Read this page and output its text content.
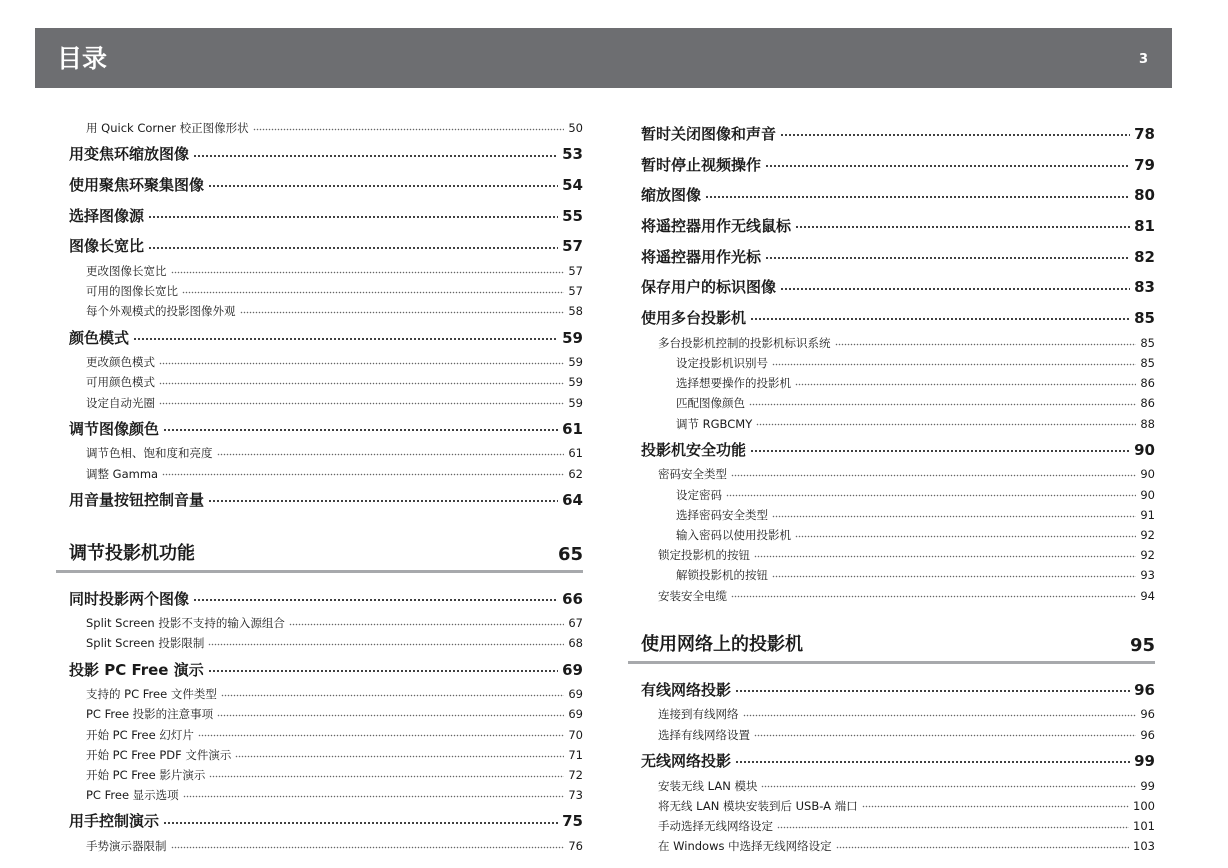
目录	3
用 Quick Corner 校正图像形状	50
用变焦环缩放图像	53
使用聚焦环聚集图像	54
选择图像源	55
图像长宽比	57
更改图像长宽比	57
可用的图像长宽比	57
每个外观模式的投影图像外观	58
颜色模式	59
更改颜色模式	59
可用颜色模式	59
设定自动光圈	59
调节图像颜色	61
调节色相、饱和度和亮度	61
调整 Gamma	62
用音量按钮控制音量	64
调节投影机功能	65
同时投影两个图像	66
Split Screen 投影不支持的输入源组合	67
Split Screen 投影限制	68
投影 PC Free 演示	69
支持的 PC Free 文件类型	69
PC Free 投影的注意事项	69
开始 PC Free 幻灯片	70
开始 PC Free PDF 文件演示	71
开始 PC Free 影片演示	72
PC Free 显示选项	73
用手控制演示	75
手势演示器限制	76
暂时关闭图像和声音	78
暂时停止视频操作	79
缩放图像	80
将遥控器用作无线鼠标	81
将遥控器用作光标	82
保存用户的标识图像	83
使用多台投影机	85
多台投影机控制的投影机标识系统	85
设定投影机识别号	85
选择想要操作的投影机	86
匹配图像颜色	86
调节 RGBCMY	88
投影机安全功能	90
密码安全类型	90
设定密码	90
选择密码安全类型	91
输入密码以使用投影机	92
锁定投影机的按钮	92
解锁投影机的按钮	93
安装安全电缆	94
使用网络上的投影机	95
有线网络投影	96
连接到有线网络	96
选择有线网络设置	96
无线网络投影	99
安装无线 LAN 模块	99
将无线 LAN 模块安装到后 USB-A 端口	100
手动选择无线网络设定	101
在 Windows 中选择无线网络设定	103
